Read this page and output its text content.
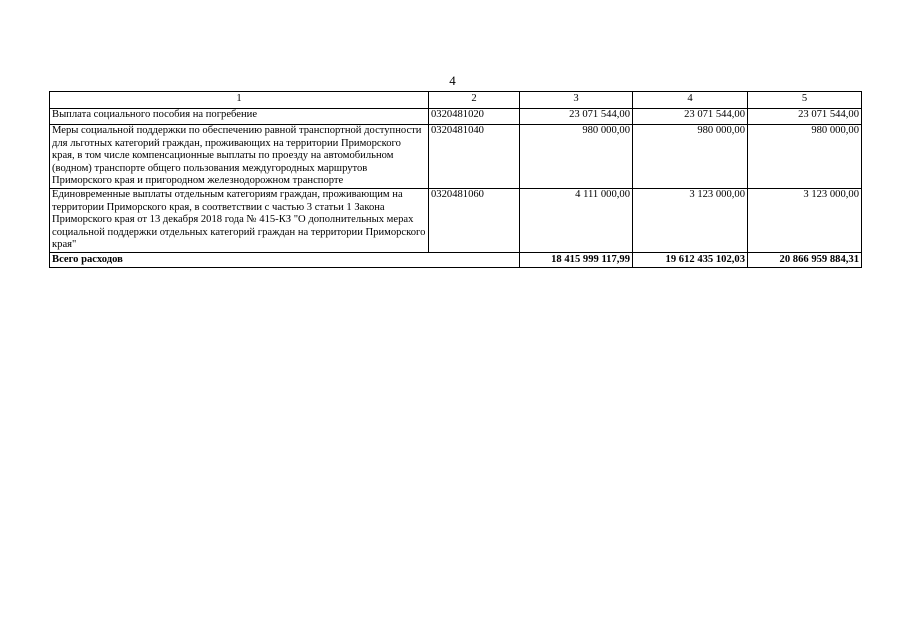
4
1	2	3	4	5
Выплата социального пособия на погребение	0320481020	23 071 544,00	23 071 544,00	23 071 544,00
Меры социальной поддержки по обеспечению равной транспортной доступности для льготных категорий граждан, проживающих на территории Приморского края, в том числе компенсационные выплаты по проезду на автомобильном (водном) транспорте общего пользования междугородных маршрутов Приморского края и пригородном железнодорожном транспорте	0320481040	980 000,00	980 000,00	980 000,00
Единовременные выплаты отдельным категориям граждан, проживающим на территории Приморского края, в соответствии с частью 3 статьи 1 Закона Приморского края от 13 декабря 2018 года № 415-КЗ "О дополнительных мерах социальной поддержки отдельных категорий граждан на территории Приморского края"	0320481060	4 111 000,00	3 123 000,00	3 123 000,00
Всего расходов		18 415 999 117,99	19 612 435 102,03	20 866 959 884,31
